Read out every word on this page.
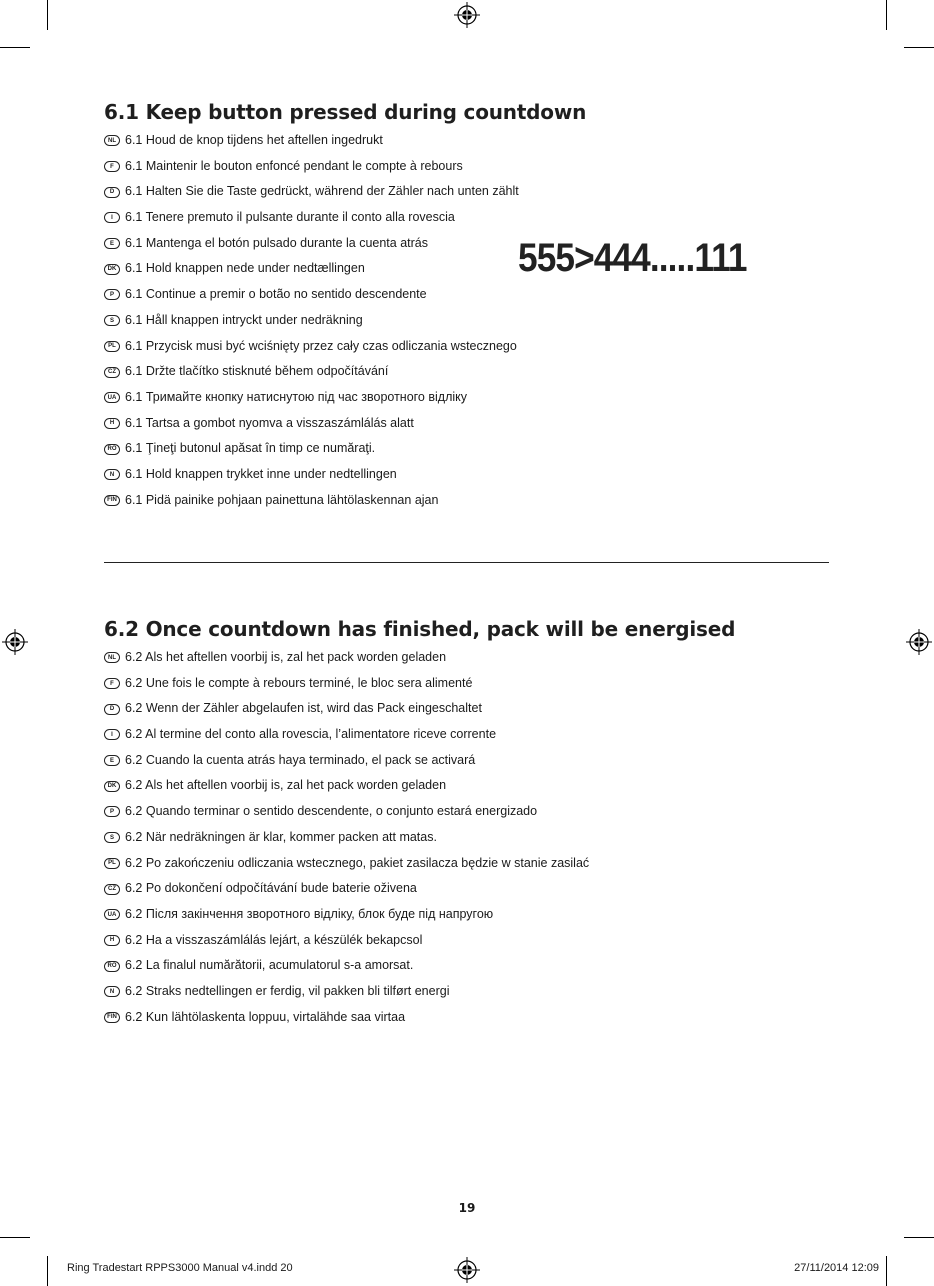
6.1 Keep button pressed during countdown
NL 6.1 Houd de knop tijdens het aftellen ingedrukt
F 6.1 Maintenir le bouton enfoncé pendant le compte à rebours
D 6.1 Halten Sie die Taste gedrückt, während der Zähler nach unten zählt
I 6.1 Tenere premuto il pulsante durante il conto alla rovescia
E 6.1 Mantenga el botón pulsado durante la cuenta atrás
DK 6.1 Hold knappen nede under nedtællingen
P 6.1 Continue a premir o botão no sentido descendente
S 6.1 Håll knappen intryckt under nedräkning
PL 6.1 Przycisk musi być wciśnięty przez cały czas odliczania wstecznego
CZ 6.1 Držte tlačítko stisknuté během odpočítávání
UA 6.1 Тримайте кнопку натиснутою під час зворотного відліку
H 6.1 Tartsa a gombot nyomva a visszaszámlálás alatt
RO 6.1 Ţineţi butonul apăsat în timp ce număraţi.
N 6.1 Hold knappen trykket inne under nedtellingen
FIN 6.1 Pidä painike pohjaan painettuna lähtölaskennan ajan
555>444.....111
6.2 Once countdown has finished, pack will be energised
NL 6.2 Als het aftellen voorbij is, zal het pack worden geladen
F 6.2 Une fois le compte à rebours terminé, le bloc sera alimenté
D 6.2 Wenn der Zähler abgelaufen ist, wird das Pack eingeschaltet
I 6.2 Al termine del conto alla rovescia, l’alimentatore riceve corrente
E 6.2 Cuando la cuenta atrás haya terminado, el pack se activará
DK 6.2 Als het aftellen voorbij is, zal het pack worden geladen
P 6.2 Quando terminar o sentido descendente, o conjunto estará energizado
S 6.2 När nedräkningen är klar, kommer packen att matas.
PL 6.2 Po zakończeniu odliczania wstecznego, pakiet zasilacza będzie w stanie zasilać
CZ 6.2 Po dokončení odpočítávání bude baterie oživena
UA 6.2 Після закінчення зворотного відліку, блок буде під напругою
H 6.2 Ha a visszaszámlálás lejárt, a készülék bekapcsol
RO 6.2 La finalul numărătorii, acumulatorul s-a amorsat.
N 6.2 Straks nedtellingen er ferdig, vil pakken bli tilført energi
FIN 6.2 Kun lähtölaskenta loppuu, virtalähde saa virtaa
19
Ring Tradestart RPPS3000 Manual v4.indd 20	27/11/2014 12:09
